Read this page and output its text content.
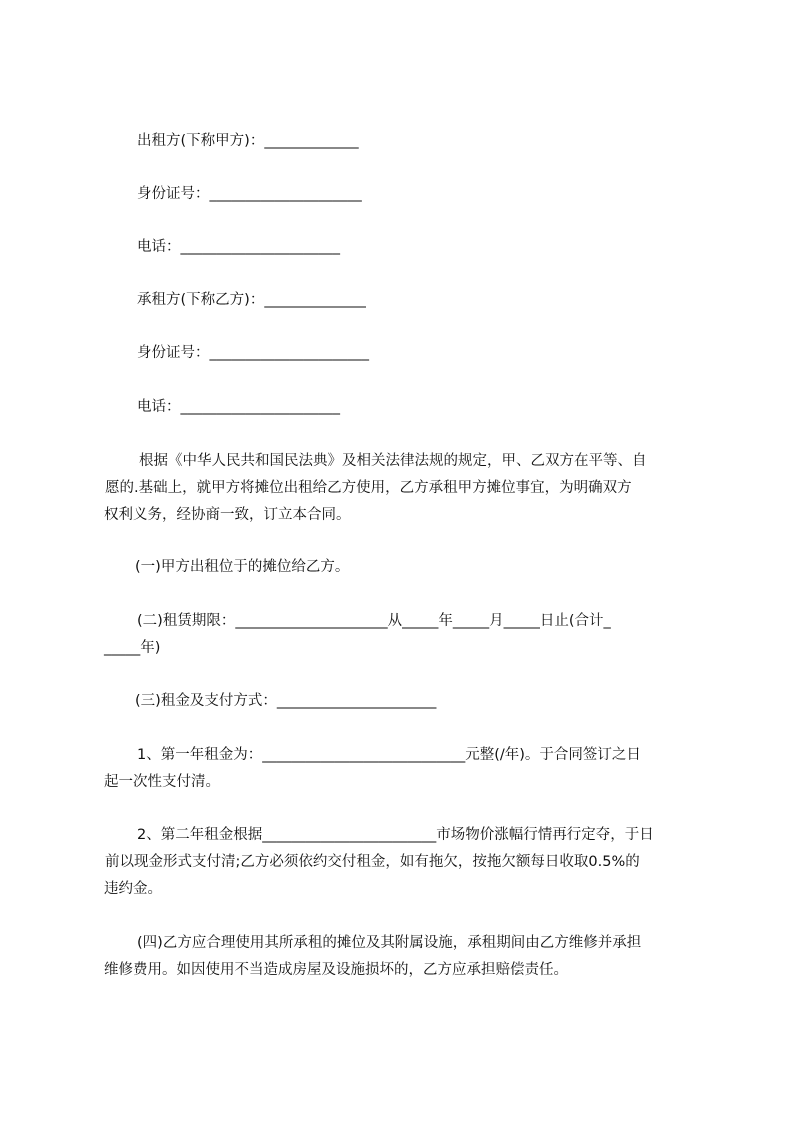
出租方(下称甲方)：_____________
身份证号：_____________________
电话：______________________
承租方(下称乙方)：______________
身份证号：______________________
电话：______________________
根据《中华人民共和国民法典》及相关法律法规的规定，甲、乙双方在平等、自
愿的.基础上，就甲方将摊位出租给乙方使用，乙方承租甲方摊位事宜，为明确双方
权利义务，经协商一致，订立本合同。
(一)甲方出租位于的摊位给乙方。
(二)租赁期限：_____________________从_____年_____月_____日止(合计_
_____年)
(三)租金及支付方式：______________________
1、第一年租金为：____________________________元整(/年)。于合同签订之日
起一次性支付清。
2、第二年租金根据________________________市场物价涨幅行情再行定夺，于日
前以现金形式支付清;乙方必须依约交付租金，如有拖欠，按拖欠额每日收取0.5%的
违约金。
(四)乙方应合理使用其所承租的摊位及其附属设施，承租期间由乙方维修并承担
维修费用。如因使用不当造成房屋及设施损坏的，乙方应承担赔偿责任。
